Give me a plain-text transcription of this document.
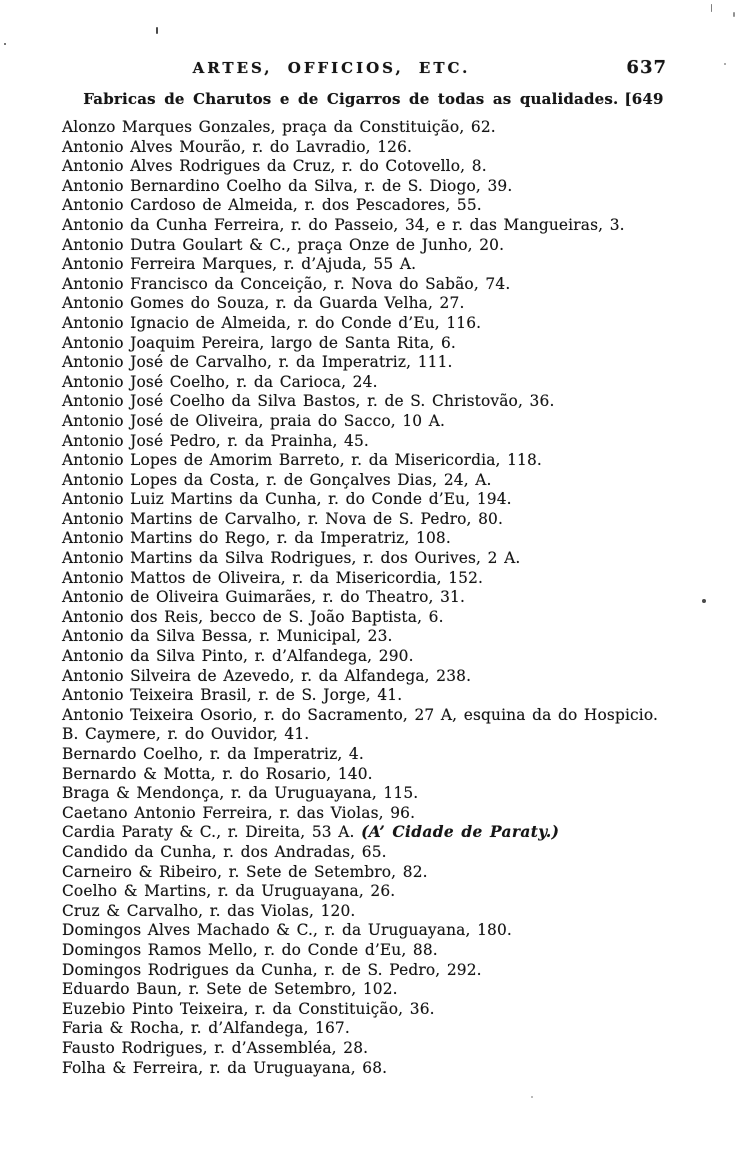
ARTES, OFFICIOS, ETC.	637
Fabricas de Charutos e de Cigarros de todas as qualidades. [649
Alonzo Marques Gonzales, praça da Constituição, 62.
Antonio Alves Mourão, r. do Lavradio, 126.
Antonio Alves Rodrigues da Cruz, r. do Cotovello, 8.
Antonio Bernardino Coelho da Silva, r. de S. Diogo, 39.
Antonio Cardoso de Almeida, r. dos Pescadores, 55.
Antonio da Cunha Ferreira, r. do Passeio, 34, e r. das Mangueiras, 3.
Antonio Dutra Goulart & C., praça Onze de Junho, 20.
Antonio Ferreira Marques, r. d’Ajuda, 55 A.
Antonio Francisco da Conceição, r. Nova do Sabão, 74.
Antonio Gomes do Souza, r. da Guarda Velha, 27.
Antonio Ignacio de Almeida, r. do Conde d’Eu, 116.
Antonio Joaquim Pereira, largo de Santa Rita, 6.
Antonio José de Carvalho, r. da Imperatriz, 111.
Antonio José Coelho, r. da Carioca, 24.
Antonio José Coelho da Silva Bastos, r. de S. Christovão, 36.
Antonio José de Oliveira, praia do Sacco, 10 A.
Antonio José Pedro, r. da Prainha, 45.
Antonio Lopes de Amorim Barreto, r. da Misericordia, 118.
Antonio Lopes da Costa, r. de Gonçalves Dias, 24, A.
Antonio Luiz Martins da Cunha, r. do Conde d’Eu, 194.
Antonio Martins de Carvalho, r. Nova de S. Pedro, 80.
Antonio Martins do Rego, r. da Imperatriz, 108.
Antonio Martins da Silva Rodrigues, r. dos Ourives, 2 A.
Antonio Mattos de Oliveira, r. da Misericordia, 152.
Antonio de Oliveira Guimarães, r. do Theatro, 31.
Antonio dos Reis, becco de S. João Baptista, 6.
Antonio da Silva Bessa, r. Municipal, 23.
Antonio da Silva Pinto, r. d’Alfandega, 290.
Antonio Silveira de Azevedo, r. da Alfandega, 238.
Antonio Teixeira Brasil, r. de S. Jorge, 41.
Antonio Teixeira Osorio, r. do Sacramento, 27 A, esquina da do Hospicio.
B. Caymere, r. do Ouvidor, 41.
Bernardo Coelho, r. da Imperatriz, 4.
Bernardo & Motta, r. do Rosario, 140.
Braga & Mendonça, r. da Uruguayana, 115.
Caetano Antonio Ferreira, r. das Violas, 96.
Cardia Paraty & C., r. Direita, 53 A. (A’ Cidade de Paraty.)
Candido da Cunha, r. dos Andradas, 65.
Carneiro & Ribeiro, r. Sete de Setembro, 82.
Coelho & Martins, r. da Uruguayana, 26.
Cruz & Carvalho, r. das Violas, 120.
Domingos Alves Machado & C., r. da Uruguayana, 180.
Domingos Ramos Mello, r. do Conde d’Eu, 88.
Domingos Rodrigues da Cunha, r. de S. Pedro, 292.
Eduardo Baun, r. Sete de Setembro, 102.
Euzebio Pinto Teixeira, r. da Constituição, 36.
Faria & Rocha, r. d’Alfandega, 167.
Fausto Rodrigues, r. d’Assembléa, 28.
Folha & Ferreira, r. da Uruguayana, 68.
